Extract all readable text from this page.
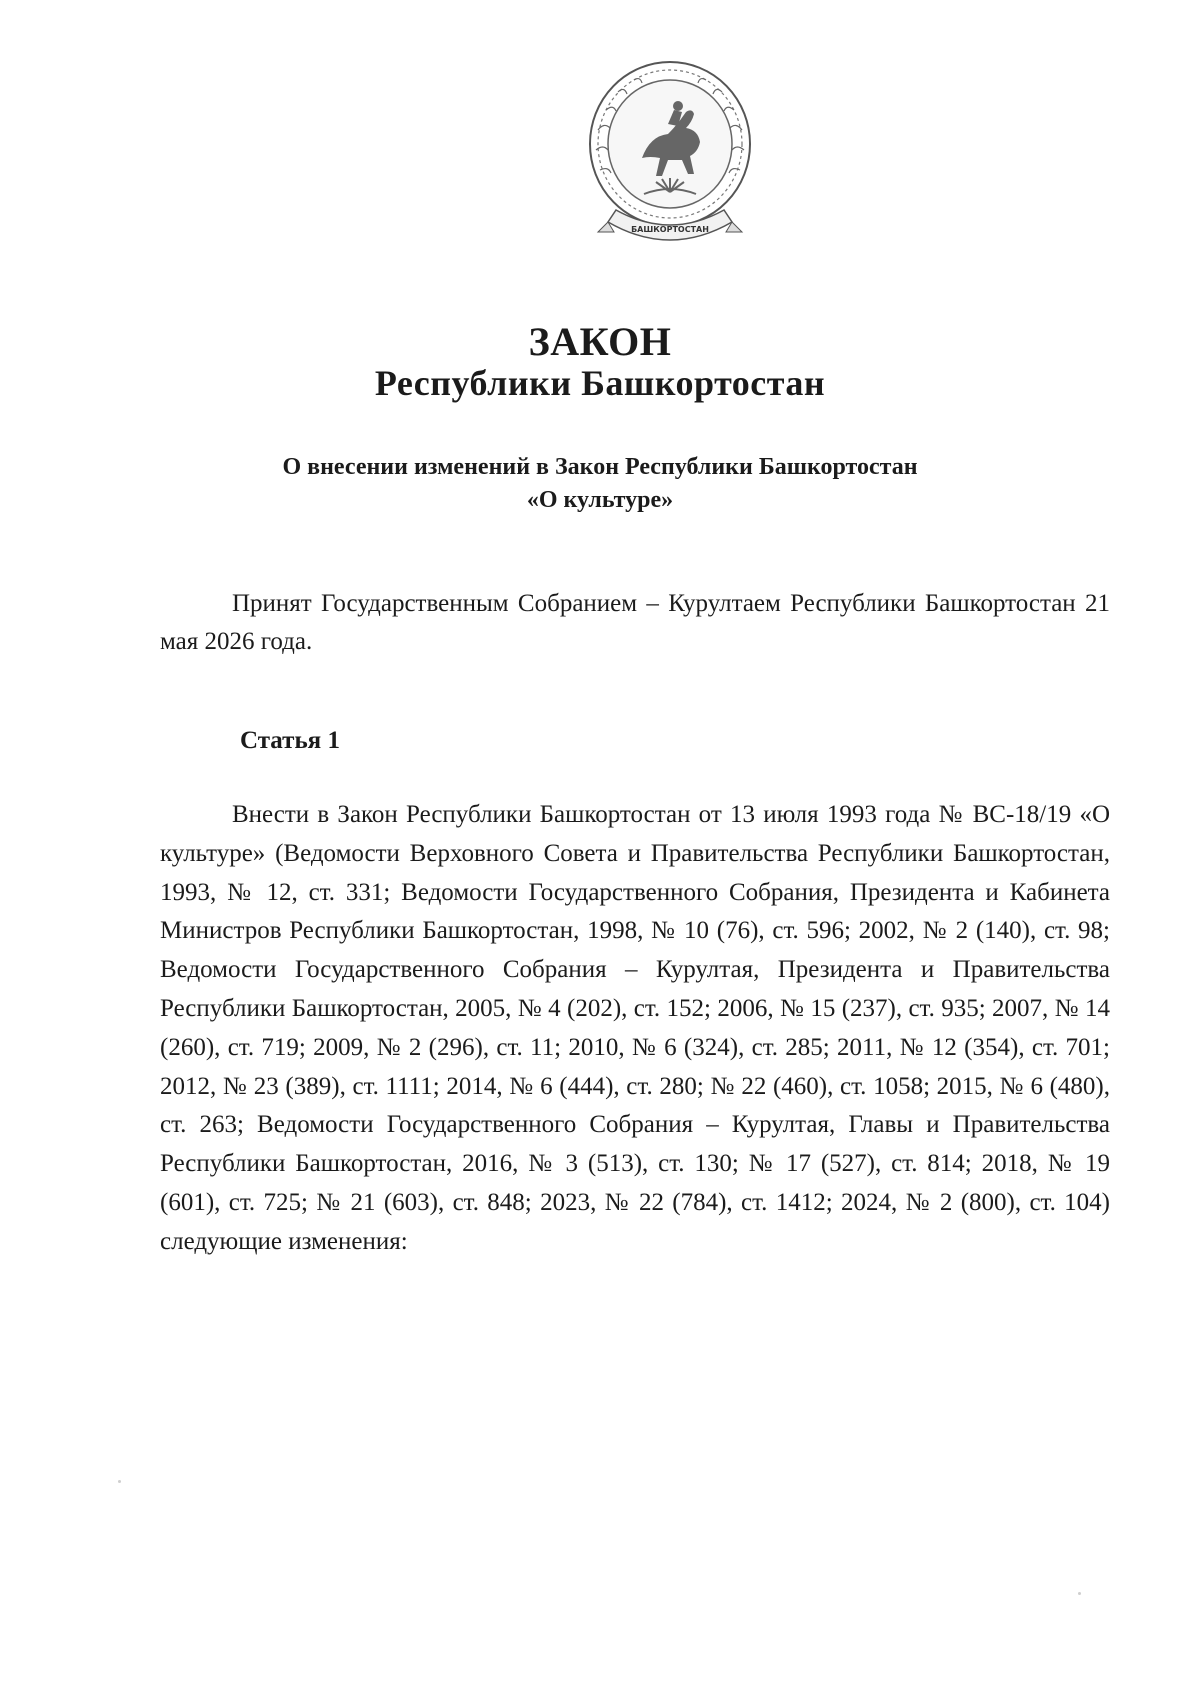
БАШКОРТОСТАН
ЗАКОН
Республики Башкортостан
О внесении изменений в Закон Республики Башкортостан
«О культуре»
Принят Государственным Собранием – Курултаем Республики Башкортостан 21 мая 2026 года.
Статья 1
Внести в Закон Республики Башкортостан от 13 июля 1993 года № ВС-18/19 «О культуре» (Ведомости Верховного Совета и Правительства Республики Башкортостан, 1993, № 12, ст. 331; Ведомости Государственного Собрания, Президента и Кабинета Министров Республики Башкортостан, 1998, № 10 (76), ст. 596; 2002, № 2 (140), ст. 98; Ведомости Государственного Собрания – Курултая, Президента и Правительства Республики Башкортостан, 2005, № 4 (202), ст. 152; 2006, № 15 (237), ст. 935; 2007, № 14 (260), ст. 719; 2009, № 2 (296), ст. 11; 2010, № 6 (324), ст. 285; 2011, № 12 (354), ст. 701; 2012, № 23 (389), ст. 1111; 2014, № 6 (444), ст. 280; № 22 (460), ст. 1058; 2015, № 6 (480), ст. 263; Ведомости Государственного Собрания – Курултая, Главы и Правительства Республики Башкортостан, 2016, № 3 (513), ст. 130; № 17 (527), ст. 814; 2018, № 19 (601), ст. 725; № 21 (603), ст. 848; 2023, № 22 (784), ст. 1412; 2024, № 2 (800), ст. 104) следующие изменения:
